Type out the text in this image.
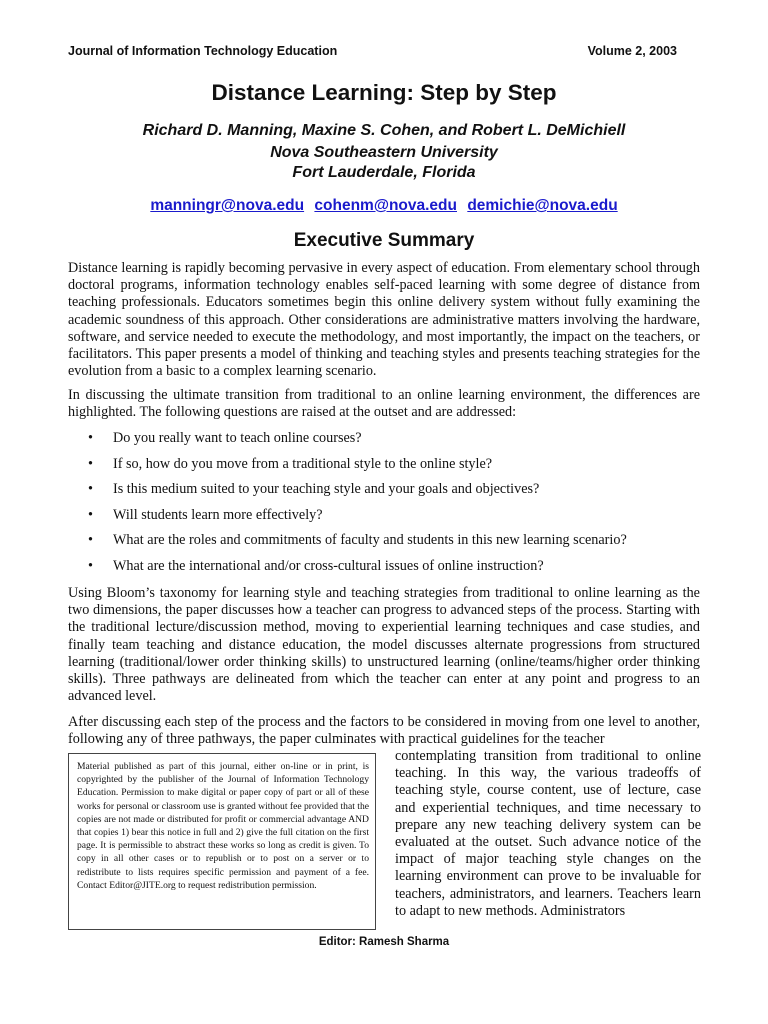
Journal of Information Technology Education	Volume 2, 2003
Distance Learning: Step by Step
Richard D. Manning, Maxine S. Cohen, and Robert L. DeMichiell
Nova Southeastern University
Fort Lauderdale, Florida
manningr@nova.edu cohenm@nova.edu demichie@nova.edu
Executive Summary

Distance learning is rapidly becoming pervasive in every aspect of education. From elementary school through doctoral programs, information technology enables self-paced learning with some degree of distance from teaching professionals. Educators sometimes begin this online delivery system without fully examining the academic soundness of this approach. Other considerations are administrative matters involving the hardware, software, and service needed to execute the methodology, and most importantly, the impact on the teachers, or facilitators. This paper presents a model of thinking and teaching styles and presents teaching strategies for the evolution from a basic to a complex learning scenario.

In discussing the ultimate transition from traditional to an online learning environment, the differences are highlighted. The following questions are raised at the outset and are addressed:

• Do you really want to teach online courses?
• If so, how do you move from a traditional style to the online style?
• Is this medium suited to your teaching style and your goals and objectives?
• Will students learn more effectively?
• What are the roles and commitments of faculty and students in this new learning scenario?
• What are the international and/or cross-cultural issues of online instruction?

Using Bloom’s taxonomy for learning style and teaching strategies from traditional to online learning as the two dimensions, the paper discusses how a teacher can progress to advanced steps of the process. Starting with the traditional lecture/discussion method, moving to experiential learning techniques and case studies, and finally team teaching and distance education, the model discusses alternate progressions from structured learning (traditional/lower order thinking skills) to unstructured learning (online/teams/higher order thinking skills). Three pathways are delineated from which the teacher can enter at any point and progress to an advanced level.

After discussing each step of the process and the factors to be considered in moving from one level to another, following any of three pathways, the paper culminates with practical guidelines for the teacher

Material published as part of this journal, either on-line or in print, is copyrighted by the publisher of the Journal of Information Technology Education. Permission to make digital or paper copy of part or all of these works for personal or classroom use is granted without fee provided that the copies are not made or distributed for profit or commercial advantage AND that copies 1) bear this notice in full and 2) give the full citation on the first page. It is permissible to abstract these works so long as credit is given. To copy in all other cases or to republish or to post on a server or to redistribute to lists requires specific permission and payment of a fee. Contact Editor@JITE.org to request redistribution permission.
contemplating transition from traditional to online teaching. In this way, the various tradeoffs of teaching style, course content, use of lecture, case and experiential techniques, and time necessary to prepare any new teaching delivery system can be evaluated at the outset. Such advance notice of the impact of major teaching style changes on the learning environment can prove to be invaluable for teachers, administrators, and learners. Teachers learn to adapt to new methods. Administrators
Editor: Ramesh Sharma
